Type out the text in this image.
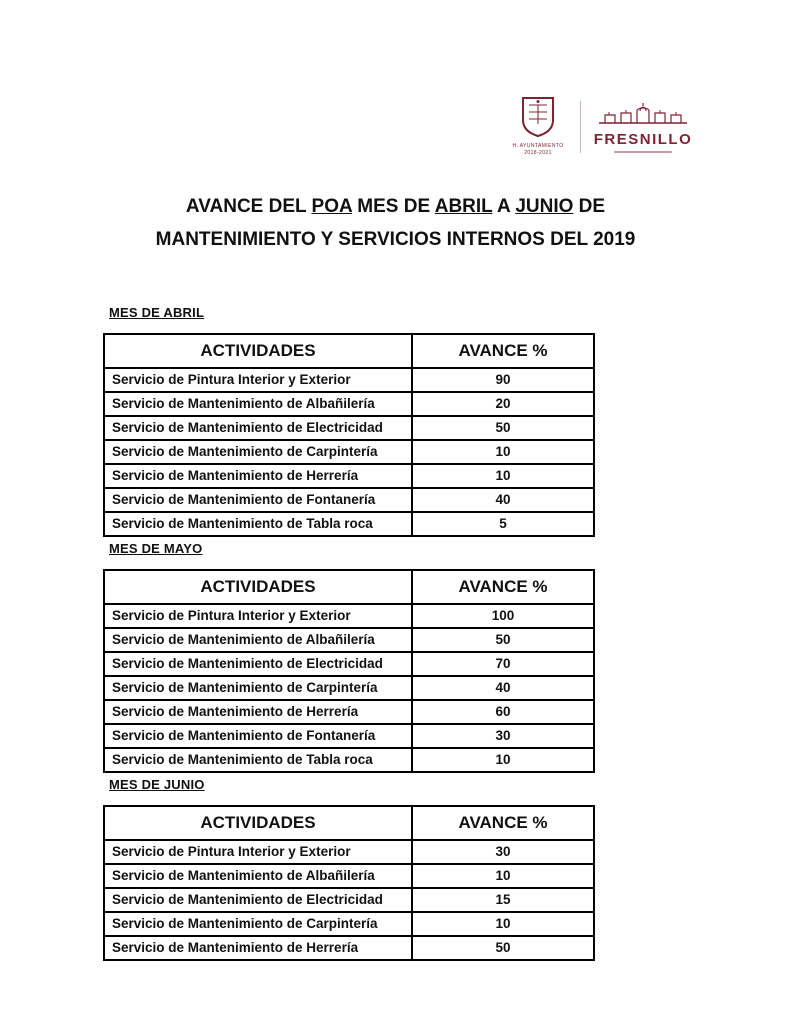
H. AYUNTAMIENTO
2018-2021
FRESNILLO
AVANCE DEL POA MES DE ABRIL A JUNIO DE
MANTENIMIENTO Y SERVICIOS INTERNOS DEL 2019
MES DE ABRIL
ACTIVIDADES	AVANCE %
Servicio de Pintura Interior y Exterior	90
Servicio de Mantenimiento de Albañilería	20
Servicio de Mantenimiento de Electricidad	50
Servicio de Mantenimiento de Carpintería	10
Servicio de Mantenimiento de Herrería	10
Servicio de Mantenimiento de Fontanería	40
Servicio de Mantenimiento de Tabla roca	5
MES DE MAYO
ACTIVIDADES	AVANCE %
Servicio de Pintura Interior y Exterior	100
Servicio de Mantenimiento de Albañilería	50
Servicio de Mantenimiento de Electricidad	70
Servicio de Mantenimiento de Carpintería	40
Servicio de Mantenimiento de Herrería	60
Servicio de Mantenimiento de Fontanería	30
Servicio de Mantenimiento de Tabla roca	10
MES DE JUNIO
ACTIVIDADES	AVANCE %
Servicio de Pintura Interior y Exterior	30
Servicio de Mantenimiento de Albañilería	10
Servicio de Mantenimiento de Electricidad	15
Servicio de Mantenimiento de Carpintería	10
Servicio de Mantenimiento de Herrería	50
